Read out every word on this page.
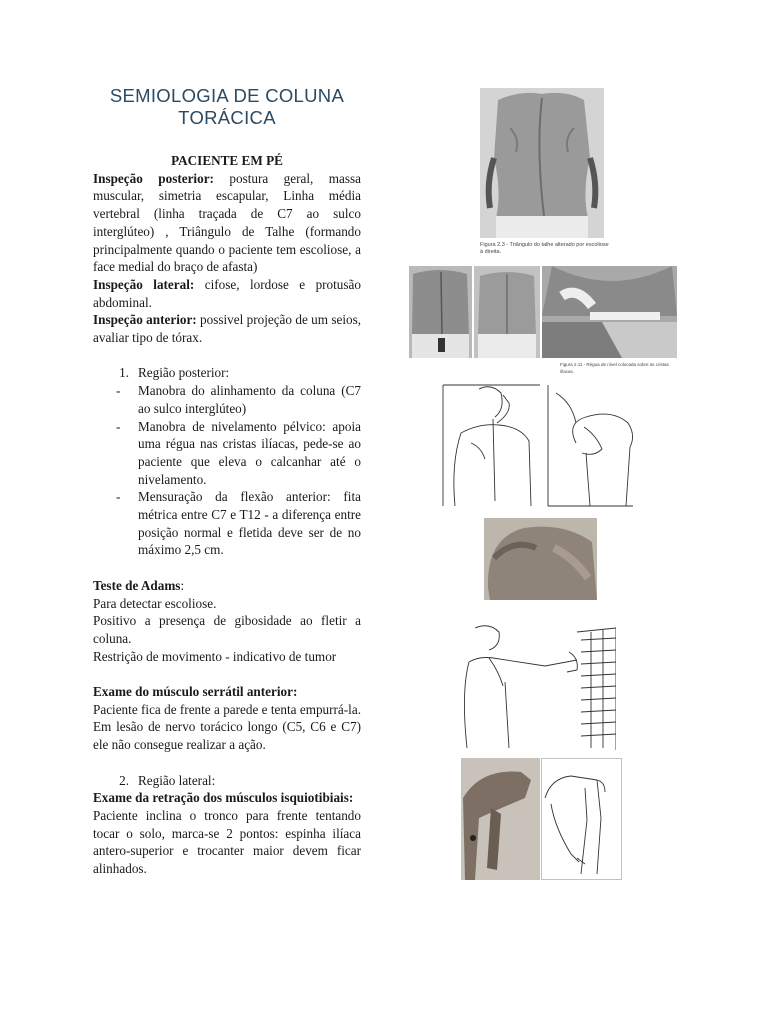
SEMIOLOGIA DE COLUNA
TORÁCICA
PACIENTE EM PÉ

Inspeção posterior: postura geral, massa muscular, simetria escapular, Linha média vertebral (linha traçada de C7 ao sulco interglúteo) , Triângulo de Talhe (formando principalmente quando o paciente tem escoliose, a face medial do braço de afasta)

Inspeção lateral: cifose, lordose e protusão abdominal.

Inspeção anterior: possivel projeção de um seios, avaliar tipo de tórax.

1. Região posterior:
-	Manobra do alinhamento da coluna (C7 ao sulco interglúteo)
-	Manobra de nivelamento pélvico: apoia uma régua nas cristas ilíacas, pede-se ao paciente que eleva o calcanhar até o nivelamento.
-	Mensuração da flexão anterior: fita métrica entre C7 e T12 - a diferença entre posição normal e fletida deve ser de no máximo 2,5 cm.

Teste de Adams:

Para detectar escoliose.

Positivo a presença de gibosidade ao fletir a coluna.

Restrição de movimento - indicativo de tumor

Exame do músculo serrátil anterior:

Paciente fica de frente a parede e tenta empurrá-la. Em lesão de nervo torácico longo (C5, C6 e C7) ele não consegue realizar a ação.

2. Região lateral:

Exame da retração dos músculos isquiotibiais:

Paciente inclina o tronco para frente tentando tocar o solo, marca-se 2 pontos: espinha ilíaca antero-superior e trocanter maior devem ficar alinhados.

Figura 2.3 - Triângulo do talhe alterado por escoliose à direita.
Figura 2.11 - Régua de nível colocada sobre as cristas ilíacas.
